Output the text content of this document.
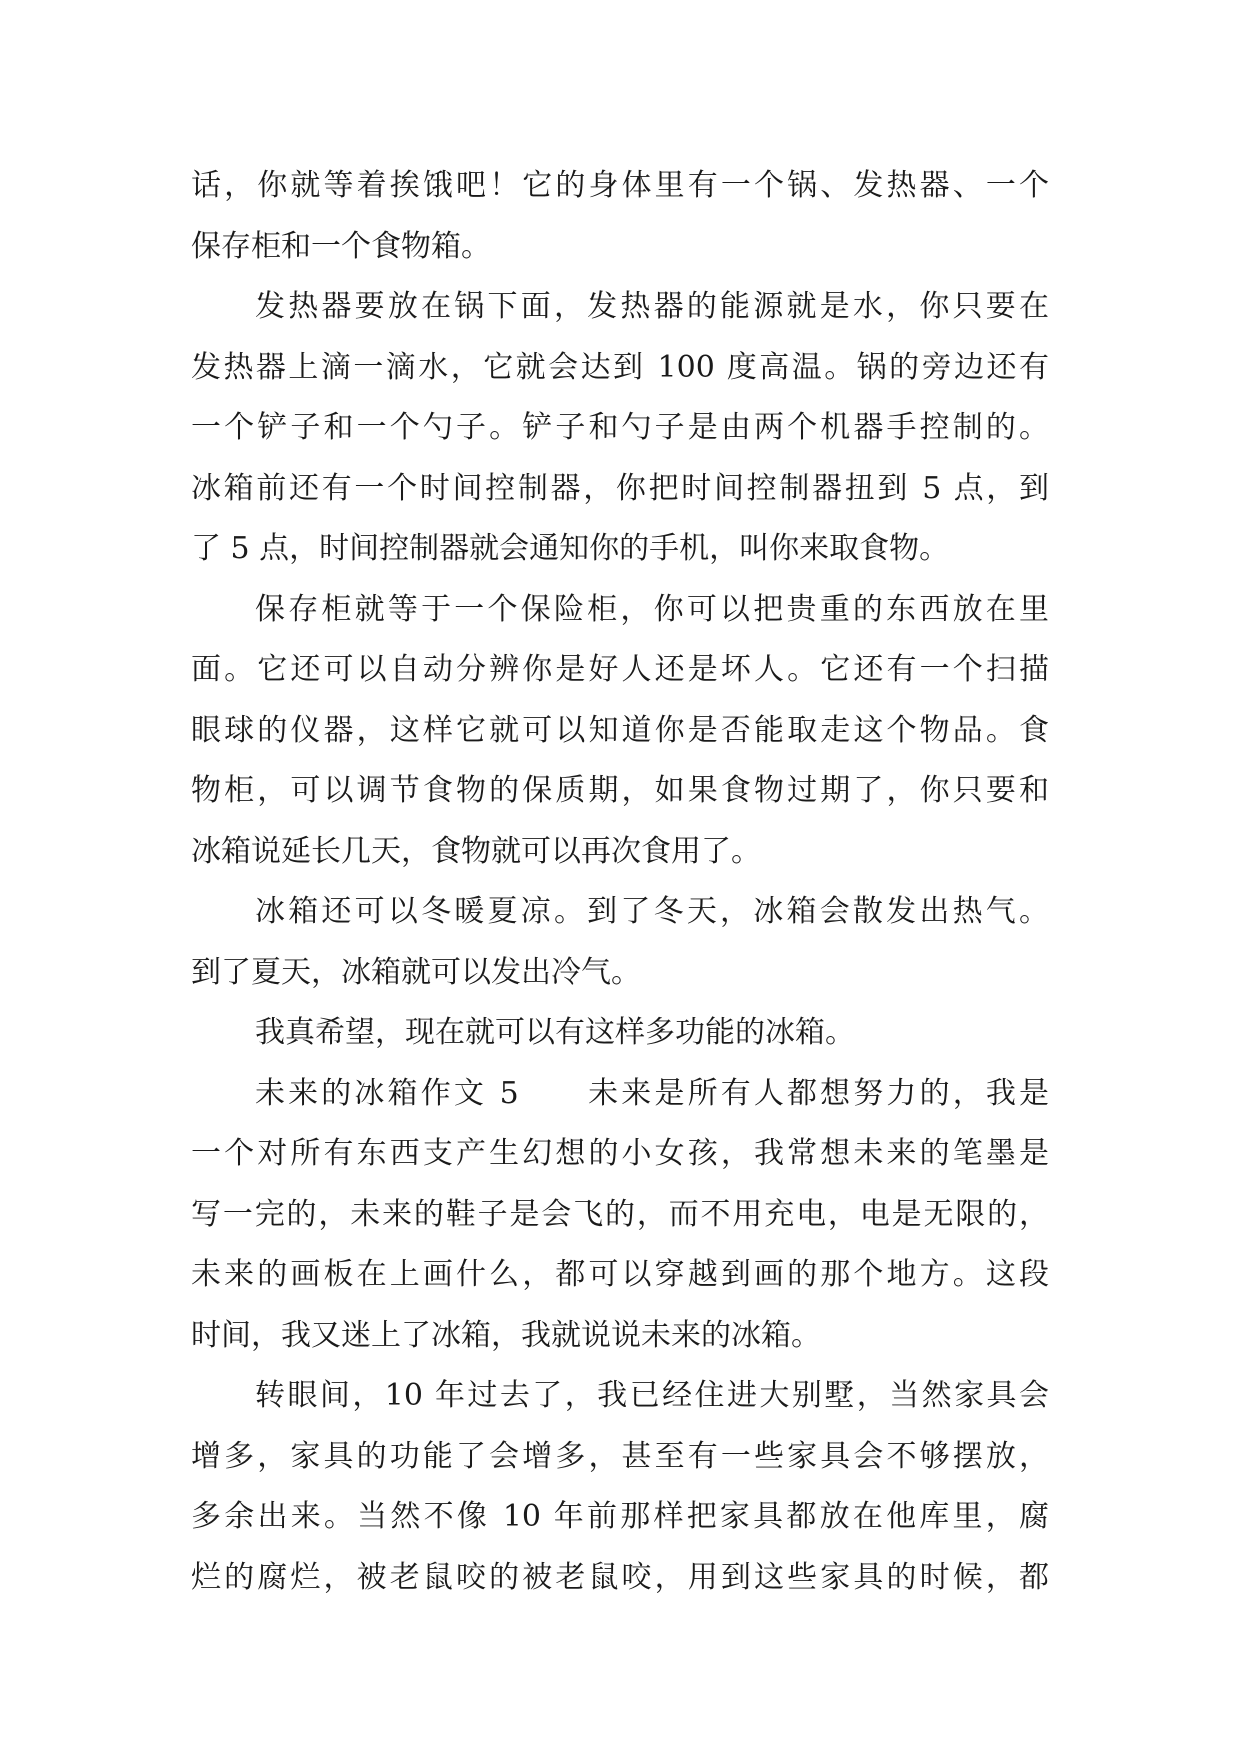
话，你就等着挨饿吧！它的身体里有一个锅、发热器、一个
保存柜和一个食物箱。
发热器要放在锅下面，发热器的能源就是水，你只要在
发热器上滴一滴水，它就会达到 100 度高温。锅的旁边还有
一个铲子和一个勺子。铲子和勺子是由两个机器手控制的。
冰箱前还有一个时间控制器，你把时间控制器扭到 5 点，到
了 5 点，时间控制器就会通知你的手机，叫你来取食物。
保存柜就等于一个保险柜，你可以把贵重的东西放在里
面。它还可以自动分辨你是好人还是坏人。它还有一个扫描
眼球的仪器，这样它就可以知道你是否能取走这个物品。食
物柜，可以调节食物的保质期，如果食物过期了，你只要和
冰箱说延长几天，食物就可以再次食用了。
冰箱还可以冬暖夏凉。到了冬天，冰箱会散发出热气。
到了夏天，冰箱就可以发出冷气。
我真希望，现在就可以有这样多功能的冰箱。
未来的冰箱作文 5　　未来是所有人都想努力的，我是
一个对所有东西支产生幻想的小女孩，我常想未来的笔墨是
写一完的，未来的鞋子是会飞的，而不用充电，电是无限的，
未来的画板在上画什么，都可以穿越到画的那个地方。这段
时间，我又迷上了冰箱，我就说说未来的冰箱。
转眼间，10 年过去了，我已经住进大别墅，当然家具会
增多，家具的功能了会增多，甚至有一些家具会不够摆放，
多余出来。当然不像 10 年前那样把家具都放在他库里，腐
烂的腐烂，被老鼠咬的被老鼠咬，用到这些家具的时候，都
